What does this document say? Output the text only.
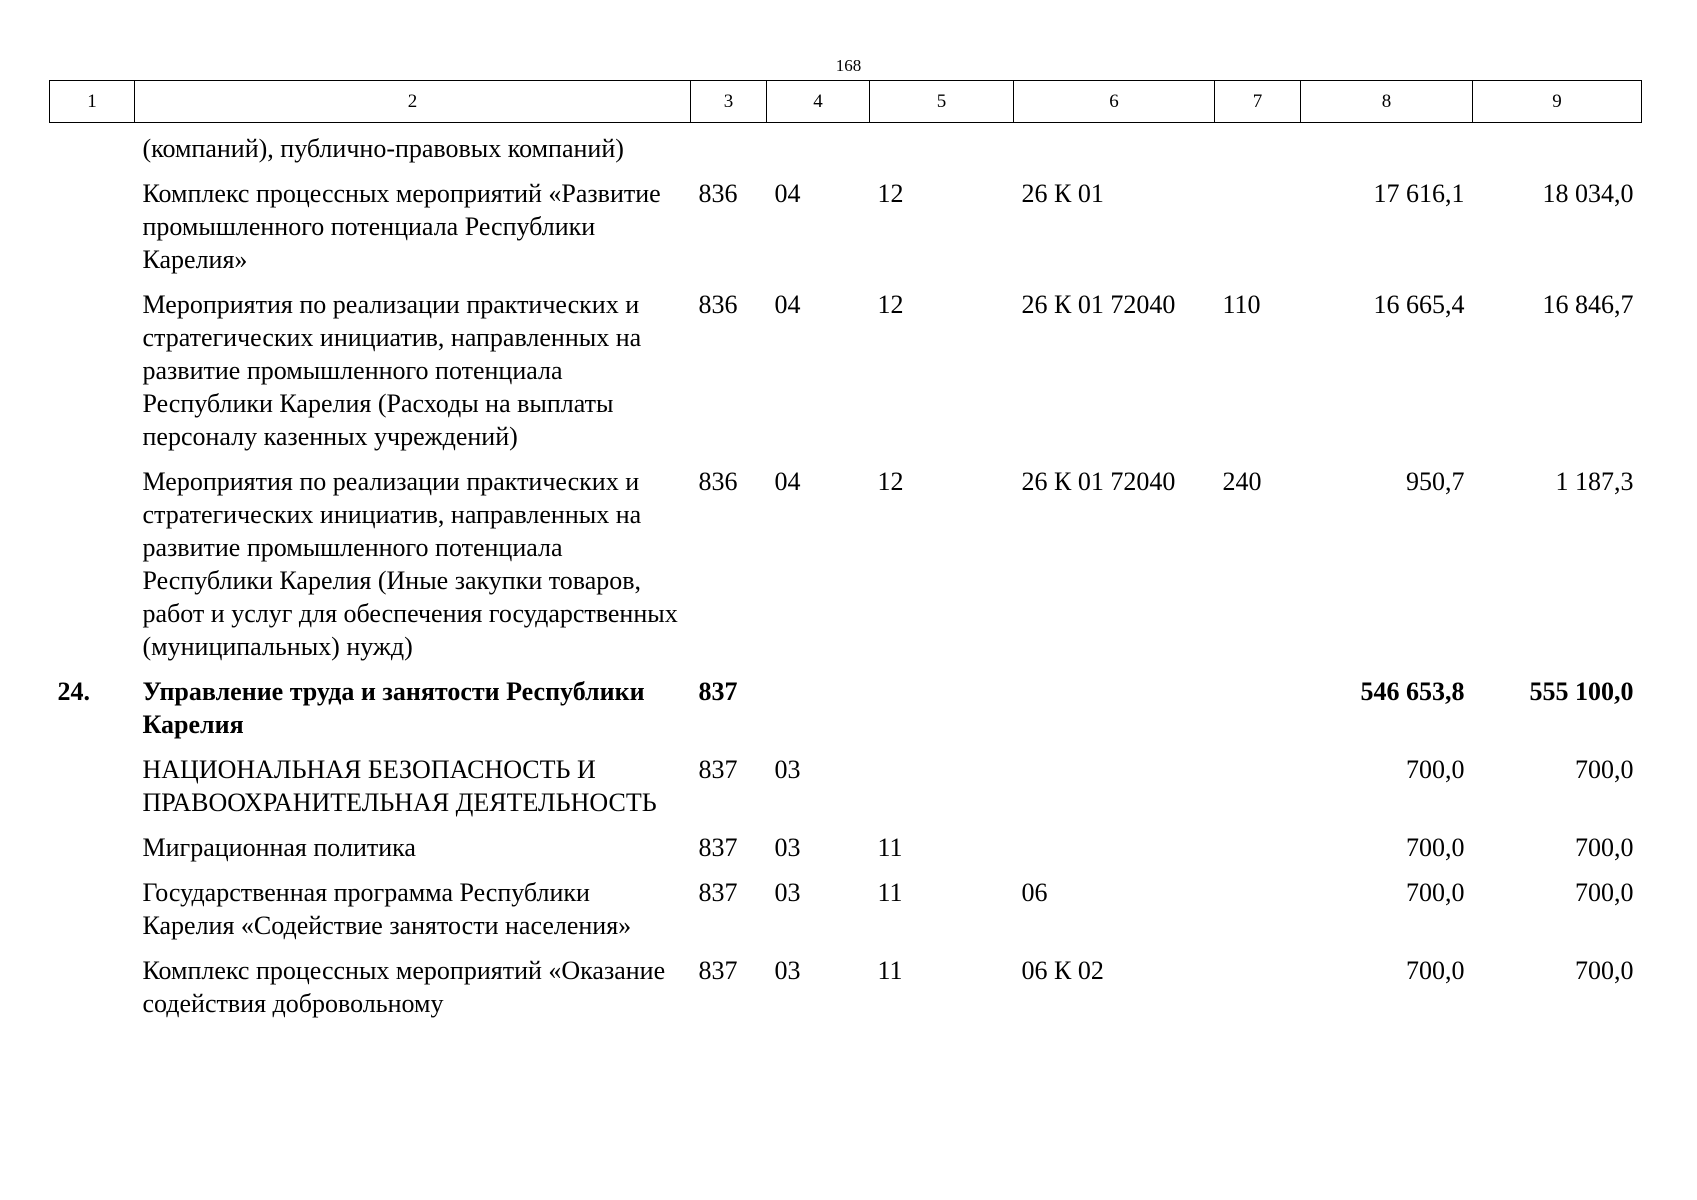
168
1	2	3	4	5	6	7	8	9
	(компаний), публично-правовых компаний)							
	Комплекс процессных мероприятий «Развитие промышленного потенциала Республики Карелия»	836	04	12	26 К 01		17 616,1	18 034,0
	Мероприятия по реализации практических и стратегических инициатив, направленных на развитие промышленного потенциала Республики Карелия (Расходы на выплаты персоналу казенных учреждений)	836	04	12	26 К 01 72040	110	16 665,4	16 846,7
	Мероприятия по реализации практических и стратегических инициатив, направленных на развитие промышленного потенциала Республики Карелия (Иные закупки товаров, работ и услуг для обеспечения государственных (муниципальных) нужд)	836	04	12	26 К 01 72040	240	950,7	1 187,3
24.	Управление труда и занятости Республики Карелия	837					546 653,8	555 100,0
	НАЦИОНАЛЬНАЯ БЕЗОПАСНОСТЬ И ПРАВООХРАНИТЕЛЬНАЯ ДЕЯТЕЛЬНОСТЬ	837	03				700,0	700,0
	Миграционная политика	837	03	11			700,0	700,0
	Государственная программа Республики Карелия «Содействие занятости населения»	837	03	11	06		700,0	700,0
	Комплекс процессных мероприятий «Оказание содействия добровольному	837	03	11	06 К 02		700,0	700,0
